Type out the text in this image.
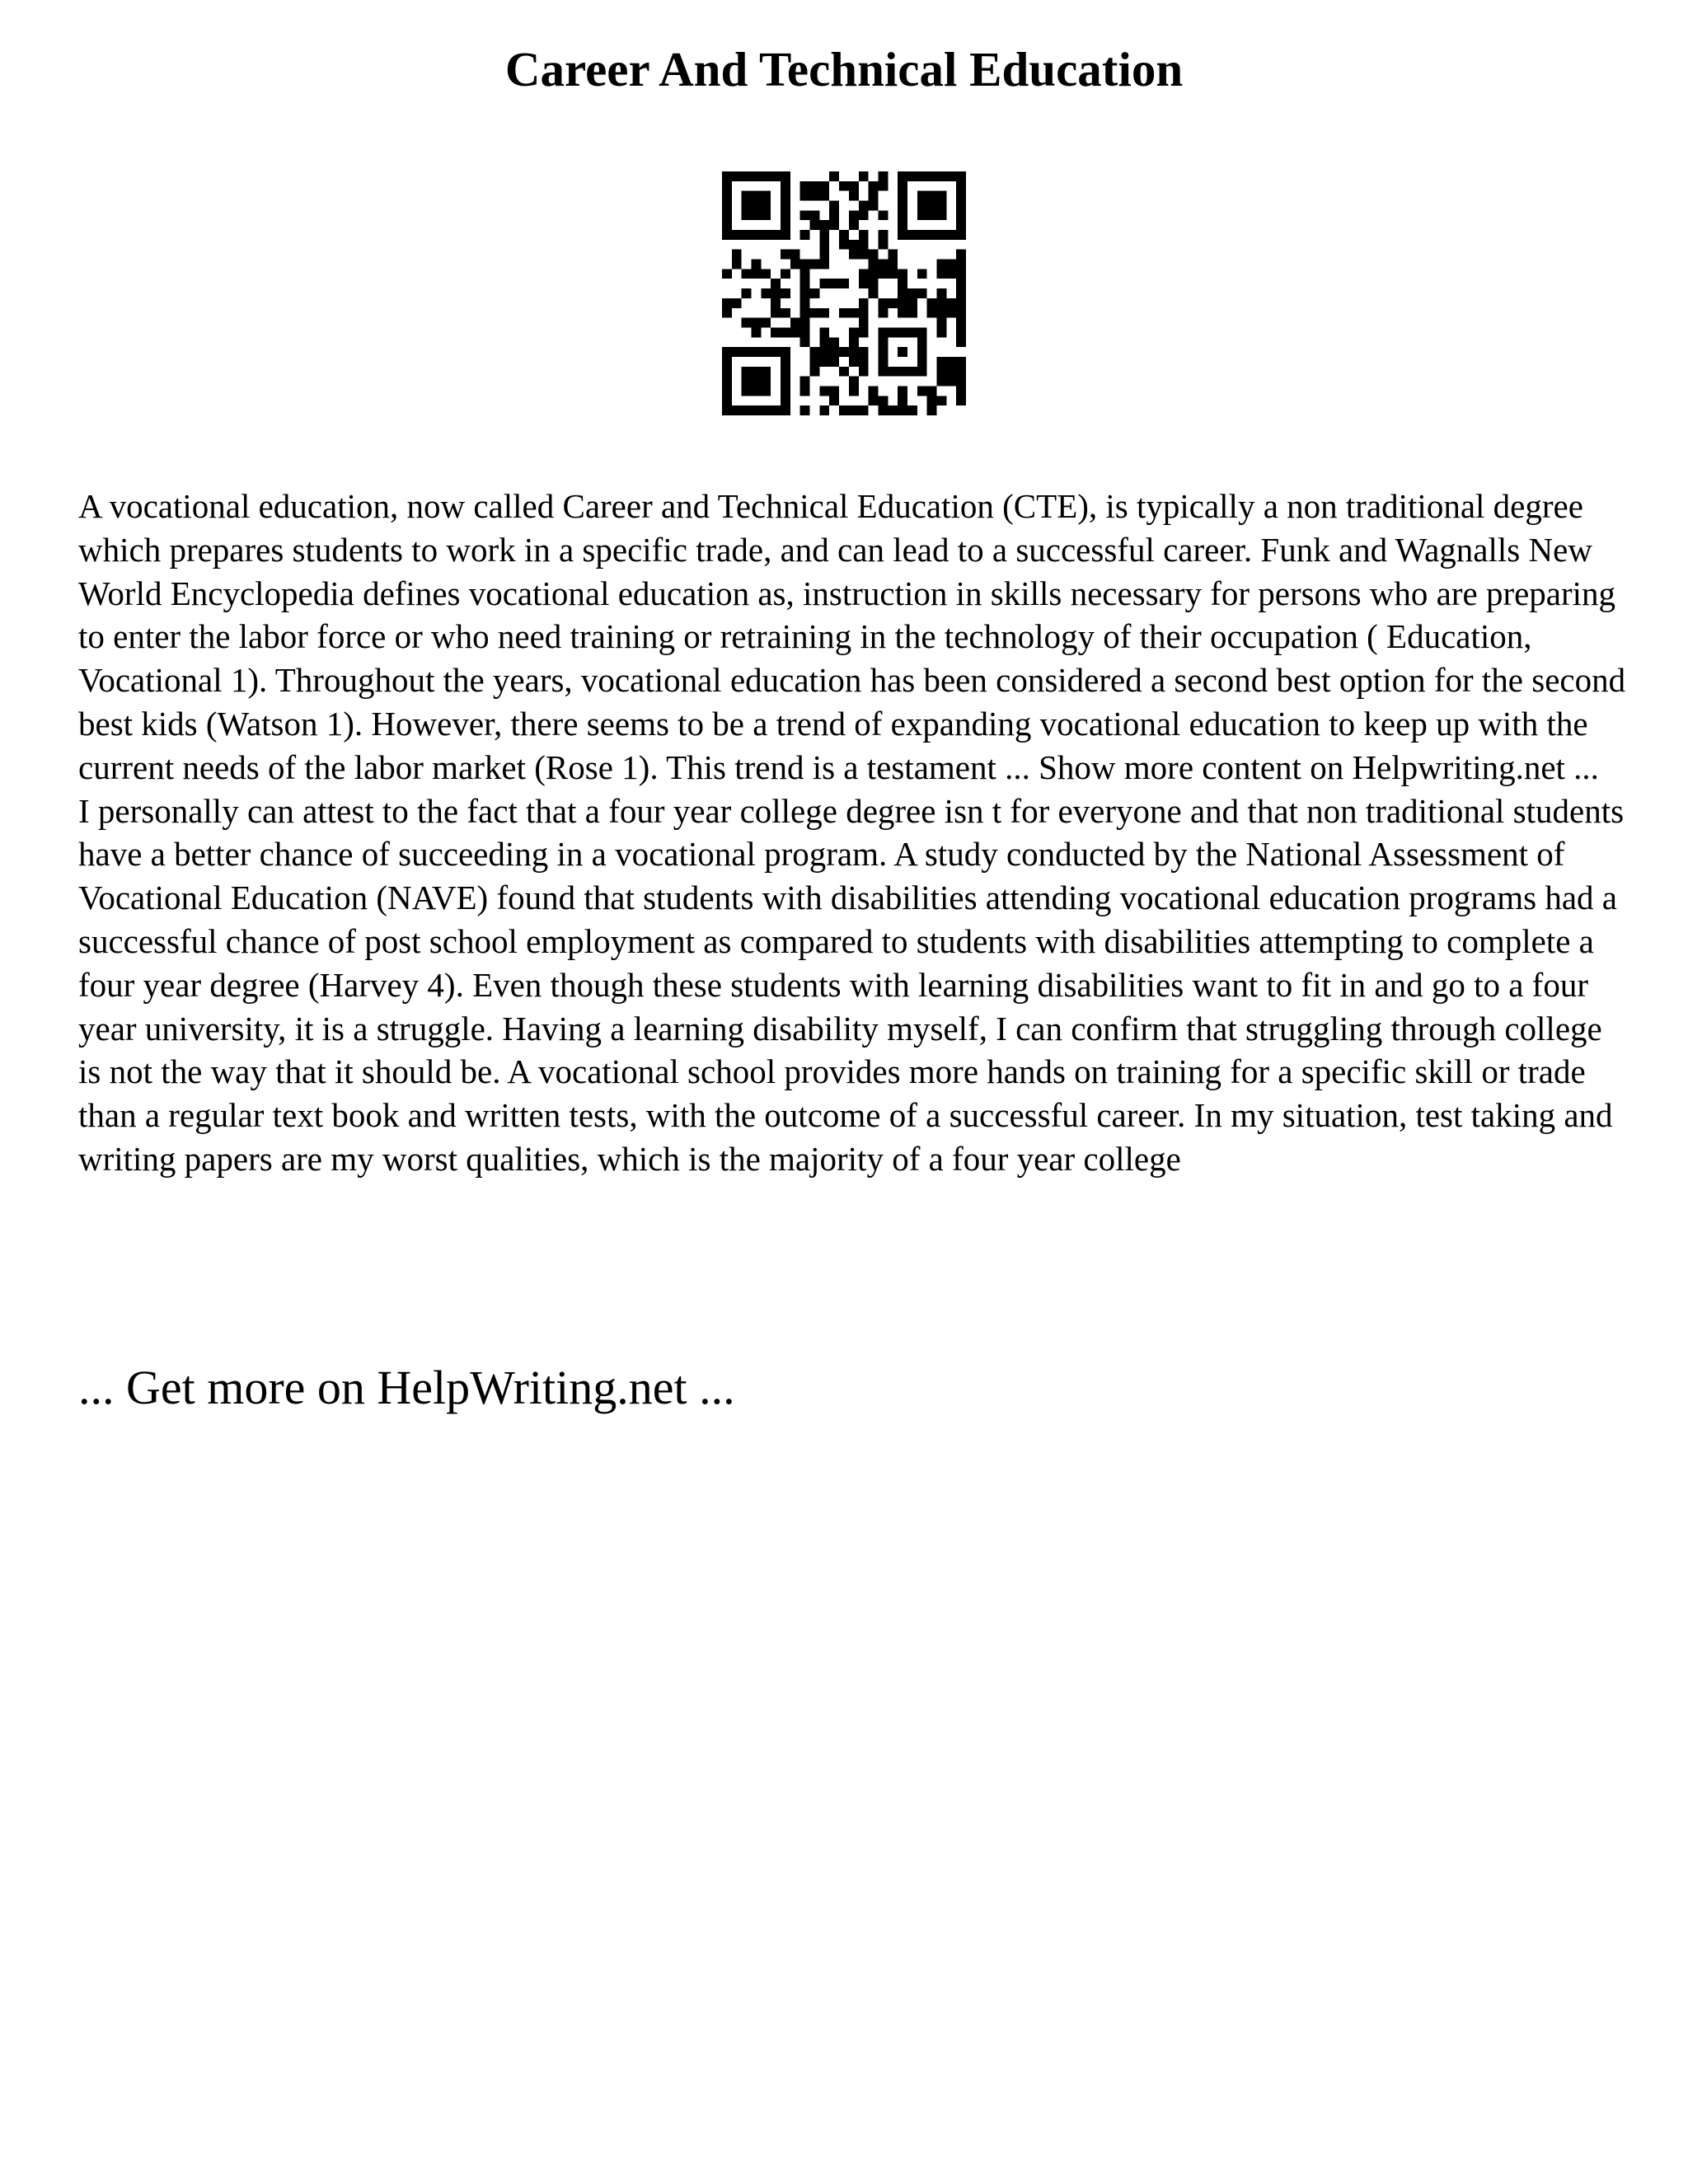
Career And Technical Education

A vocational education, now called Career and Technical Education (CTE), is typically a non traditional degree which prepares students to work in a specific trade, and can lead to a successful career. Funk and Wagnalls New World Encyclopedia defines vocational education as, instruction in skills necessary for persons who are preparing to enter the labor force or who need training or retraining in the technology of their occupation ( Education, Vocational 1). Throughout the years, vocational education has been considered a second best option for the second best kids (Watson 1). However, there seems to be a trend of expanding vocational education to keep up with the current needs of the labor market (Rose 1). This trend is a testament ... Show more content on Helpwriting.net ...

I personally can attest to the fact that a four year college degree isn t for everyone and that non traditional students have a better chance of succeeding in a vocational program. A study conducted by the National Assessment of Vocational Education (NAVE) found that students with disabilities attending vocational education programs had a successful chance of post school employment as compared to students with disabilities attempting to complete a four year degree (Harvey 4). Even though these students with learning disabilities want to fit in and go to a four year university, it is a struggle. Having a learning disability myself, I can confirm that struggling through college is not the way that it should be. A vocational school provides more hands on training for a specific skill or trade than a regular text book and written tests, with the outcome of a successful career. In my situation, test taking and writing papers are my worst qualities, which is the majority of a four year college

... Get more on HelpWriting.net ...
